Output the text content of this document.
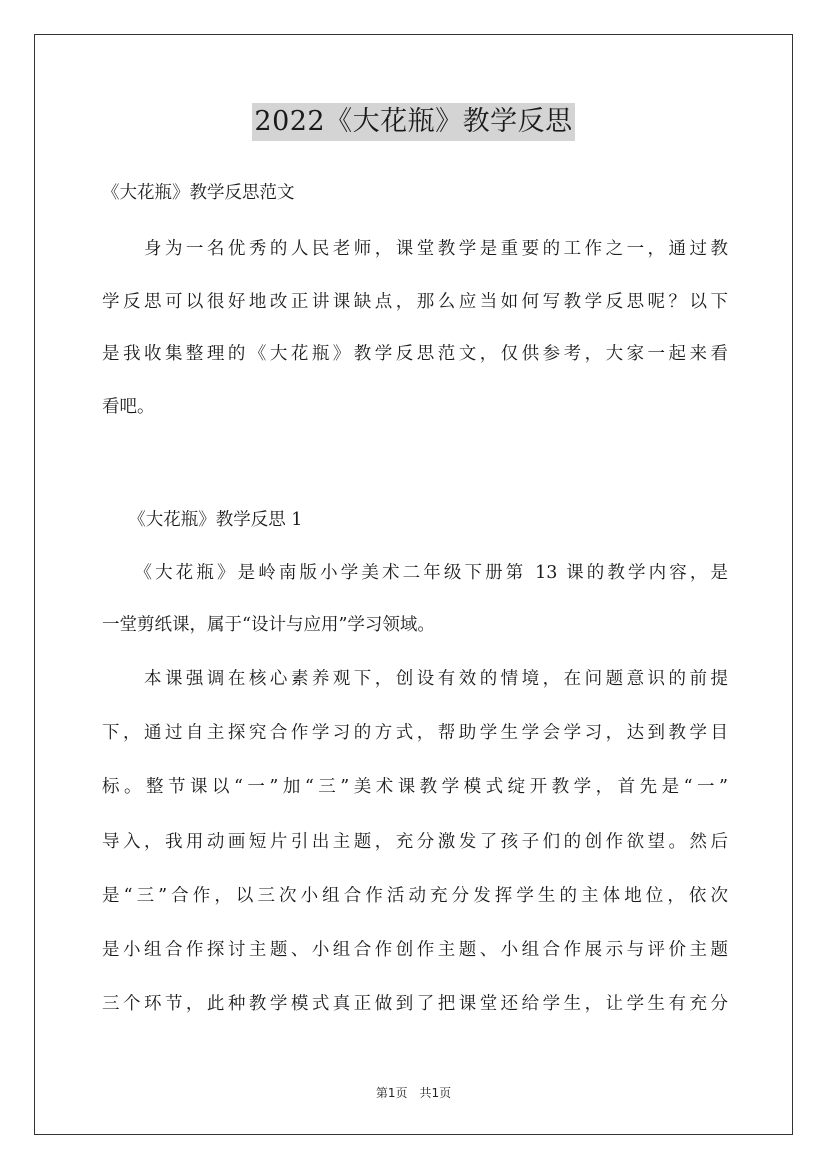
2022《大花瓶》教学反思
《大花瓶》教学反思范文
　　身为一名优秀的人民老师，课堂教学是重要的工作之一，通过教
学反思可以很好地改正讲课缺点，那么应当如何写教学反思呢？以下
是我收集整理的《大花瓶》教学反思范文，仅供参考，大家一起来看
看吧。
　　《大花瓶》教学反思 1
　　《大花瓶》是岭南版小学美术二年级下册第 13 课的教学内容，是
一堂剪纸课，属于“设计与应用”学习领域。
　　本课强调在核心素养观下，创设有效的情境，在问题意识的前提
下，通过自主探究合作学习的方式，帮助学生学会学习，达到教学目
标。整节课以“一”加“三”美术课教学模式绽开教学，首先是“一”
导入，我用动画短片引出主题，充分激发了孩子们的创作欲望。然后
是“三”合作，以三次小组合作活动充分发挥学生的主体地位，依次
是小组合作探讨主题、小组合作创作主题、小组合作展示与评价主题
三个环节，此种教学模式真正做到了把课堂还给学生，让学生有充分
第1页　共1页
